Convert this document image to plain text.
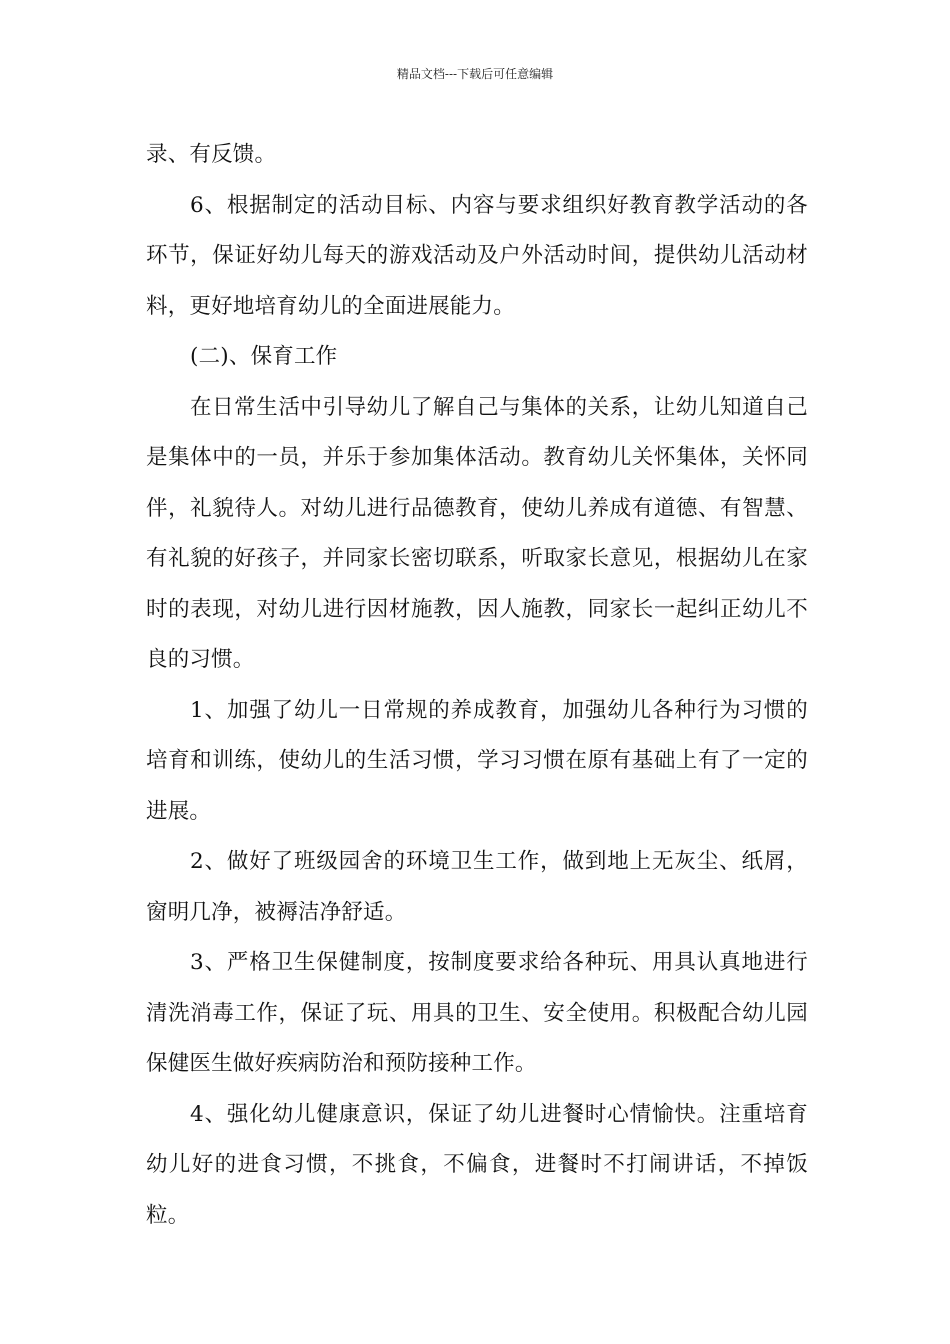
精品文档---下载后可任意编辑

录、有反馈。

6、根据制定的活动目标、内容与要求组织好教育教学活动的各环节，保证好幼儿每天的游戏活动及户外活动时间，提供幼儿活动材料，更好地培育幼儿的全面进展能力。

(二)、保育工作

在日常生活中引导幼儿了解自己与集体的关系，让幼儿知道自己是集体中的一员，并乐于参加集体活动。教育幼儿关怀集体，关怀同伴，礼貌待人。对幼儿进行品德教育，使幼儿养成有道德、有智慧、有礼貌的好孩子，并同家长密切联系，听取家长意见，根据幼儿在家时的表现，对幼儿进行因材施教，因人施教，同家长一起纠正幼儿不良的习惯。

1、加强了幼儿一日常规的养成教育，加强幼儿各种行为习惯的培育和训练，使幼儿的生活习惯，学习习惯在原有基础上有了一定的进展。

2、做好了班级园舍的环境卫生工作，做到地上无灰尘、纸屑，窗明几净，被褥洁净舒适。

3、严格卫生保健制度，按制度要求给各种玩、用具认真地进行清洗消毒工作，保证了玩、用具的卫生、安全使用。积极配合幼儿园保健医生做好疾病防治和预防接种工作。

4、强化幼儿健康意识，保证了幼儿进餐时心情愉快。注重培育幼儿好的进食习惯，不挑食，不偏食，进餐时不打闹讲话，不掉饭粒。
